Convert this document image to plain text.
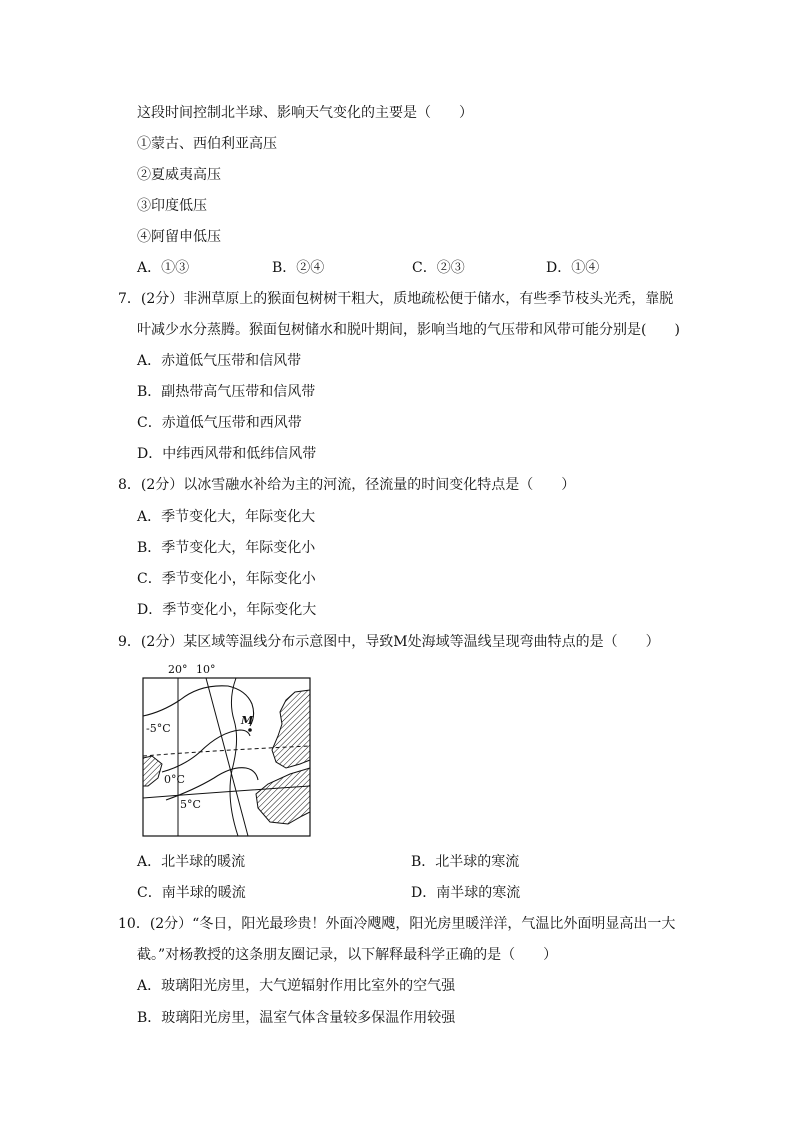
这段时间控制北半球、影响天气变化的主要是（　　）
①蒙古、西伯利亚高压
②夏威夷高压
③印度低压
④阿留申低压
A．①③	B．②④	C．②③	D．①④
7．(2分）非洲草原上的猴面包树树干粗大，质地疏松便于储水，有些季节枝头光秃，靠脱
叶减少水分蒸腾。猴面包树储水和脱叶期间，影响当地的气压带和风带可能分别是(　　)
A．赤道低气压带和信风带
B．副热带高气压带和信风带
C．赤道低气压带和西风带
D．中纬西风带和低纬信风带
8．(2分）以冰雪融水补给为主的河流，径流量的时间变化特点是（　　）
A．季节变化大，年际变化大
B．季节变化大，年际变化小
C．季节变化小，年际变化小
D．季节变化小，年际变化大
9．(2分）某区域等温线分布示意图中，导致M处海域等温线呈现弯曲特点的是（　　）
20° 10°
M
-5°C
0°C
5°C
A．北半球的暖流	B．北半球的寒流
C．南半球的暖流	D．南半球的寒流
10．(2分）“冬日，阳光最珍贵！外面冷飕飕，阳光房里暖洋洋，气温比外面明显高出一大
截。”对杨教授的这条朋友圈记录，以下解释最科学正确的是（　　）
A．玻璃阳光房里，大气逆辐射作用比室外的空气强
B．玻璃阳光房里，温室气体含量较多保温作用较强
